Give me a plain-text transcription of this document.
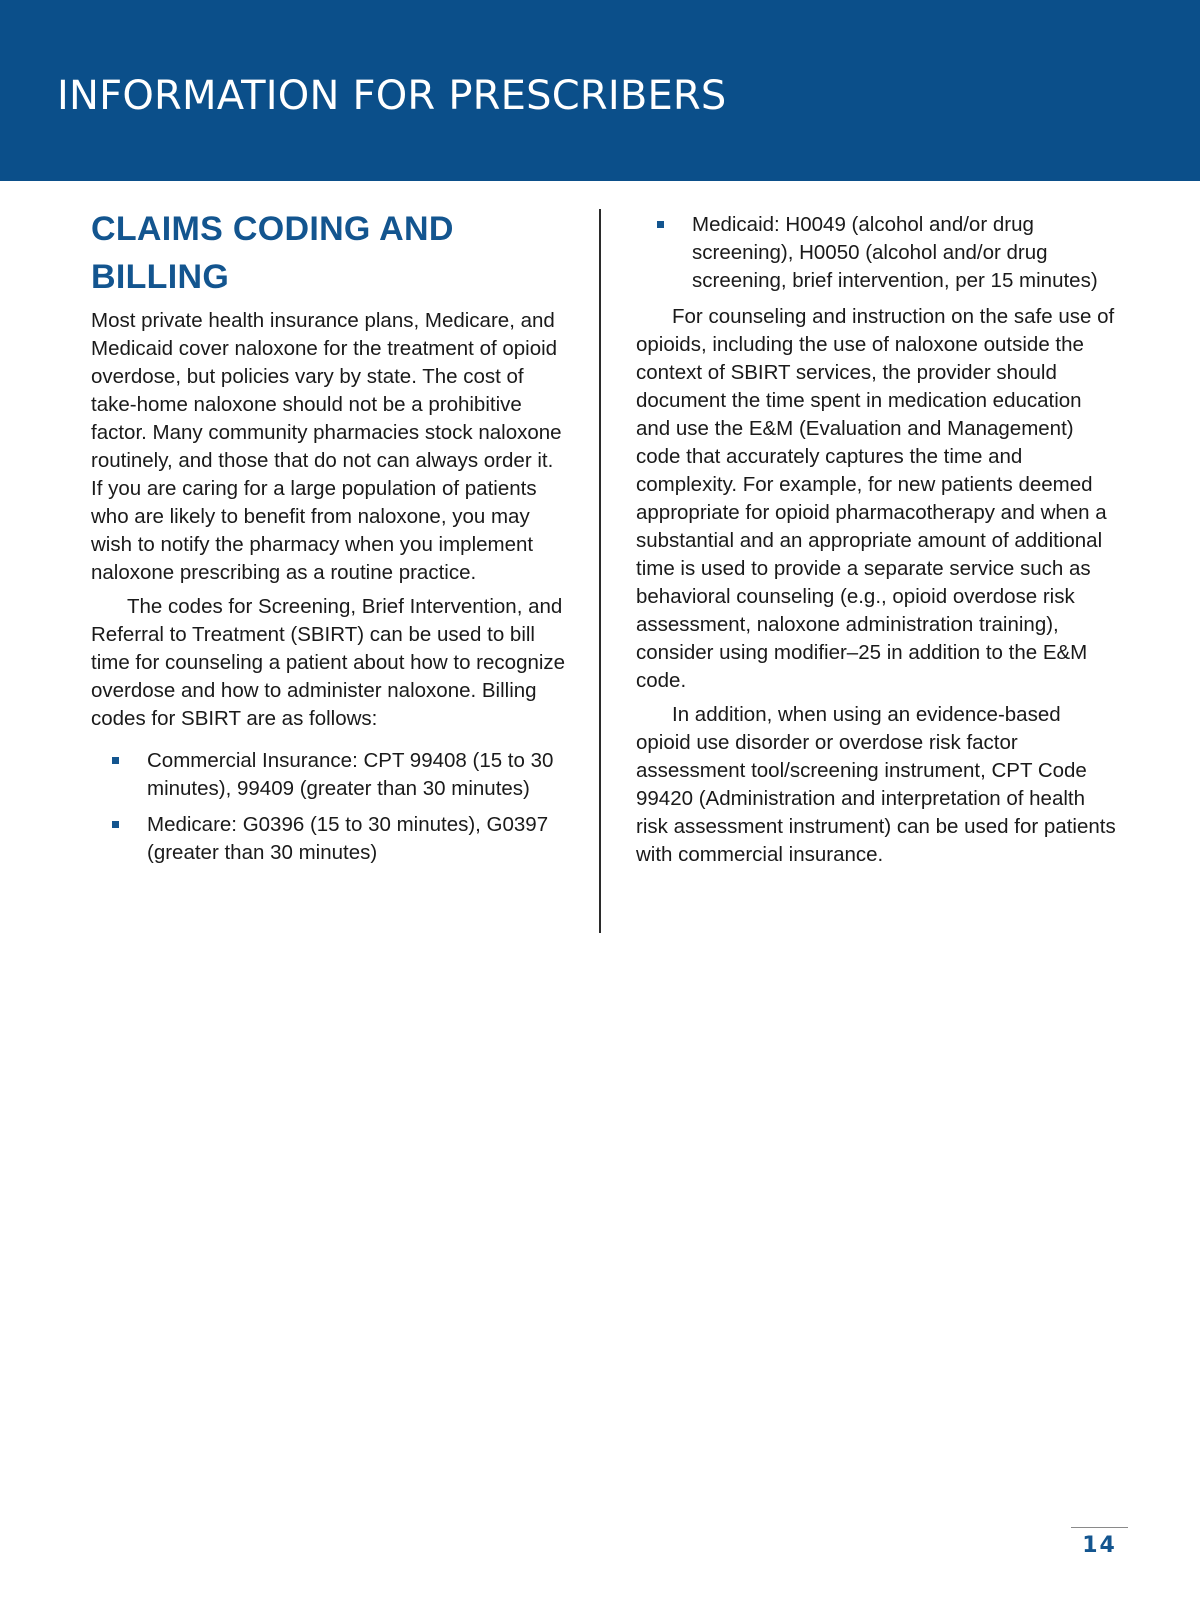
INFORMATION FOR PRESCRIBERS
CLAIMS CODING AND BILLING

Most private health insurance plans, Medicare, and Medicaid cover naloxone for the treatment of opioid overdose, but policies vary by state. The cost of take-home naloxone should not be a prohibitive factor. Many community pharmacies stock naloxone routinely, and those that do not can always order it. If you are caring for a large population of patients who are likely to benefit from naloxone, you may wish to notify the pharmacy when you implement naloxone prescribing as a routine practice.

The codes for Screening, Brief Intervention, and Referral to Treatment (SBIRT) can be used to bill time for counseling a patient about how to recognize overdose and how to administer naloxone. Billing codes for SBIRT are as follows:

Commercial Insurance: CPT 99408 (15 to 30 minutes), 99409 (greater than 30 minutes)
Medicare: G0396 (15 to 30 minutes), G0397 (greater than 30 minutes)
Medicaid: H0049 (alcohol and/or drug screening), H0050 (alcohol and/or drug screening, brief intervention, per 15 minutes)

For counseling and instruction on the safe use of opioids, including the use of naloxone outside the context of SBIRT services, the provider should document the time spent in medication education and use the E&M (Evaluation and Management) code that accurately captures the time and complexity. For example, for new patients deemed appropriate for opioid pharmacotherapy and when a substantial and an appropriate amount of additional time is used to provide a separate service such as behavioral counseling (e.g., opioid overdose risk assessment, naloxone administration training), consider using modifier–25 in addition to the E&M code.

In addition, when using an evidence-based opioid use disorder or overdose risk factor assessment tool/screening instrument, CPT Code 99420 (Administration and interpretation of health risk assessment instrument) can be used for patients with commercial insurance.

14
